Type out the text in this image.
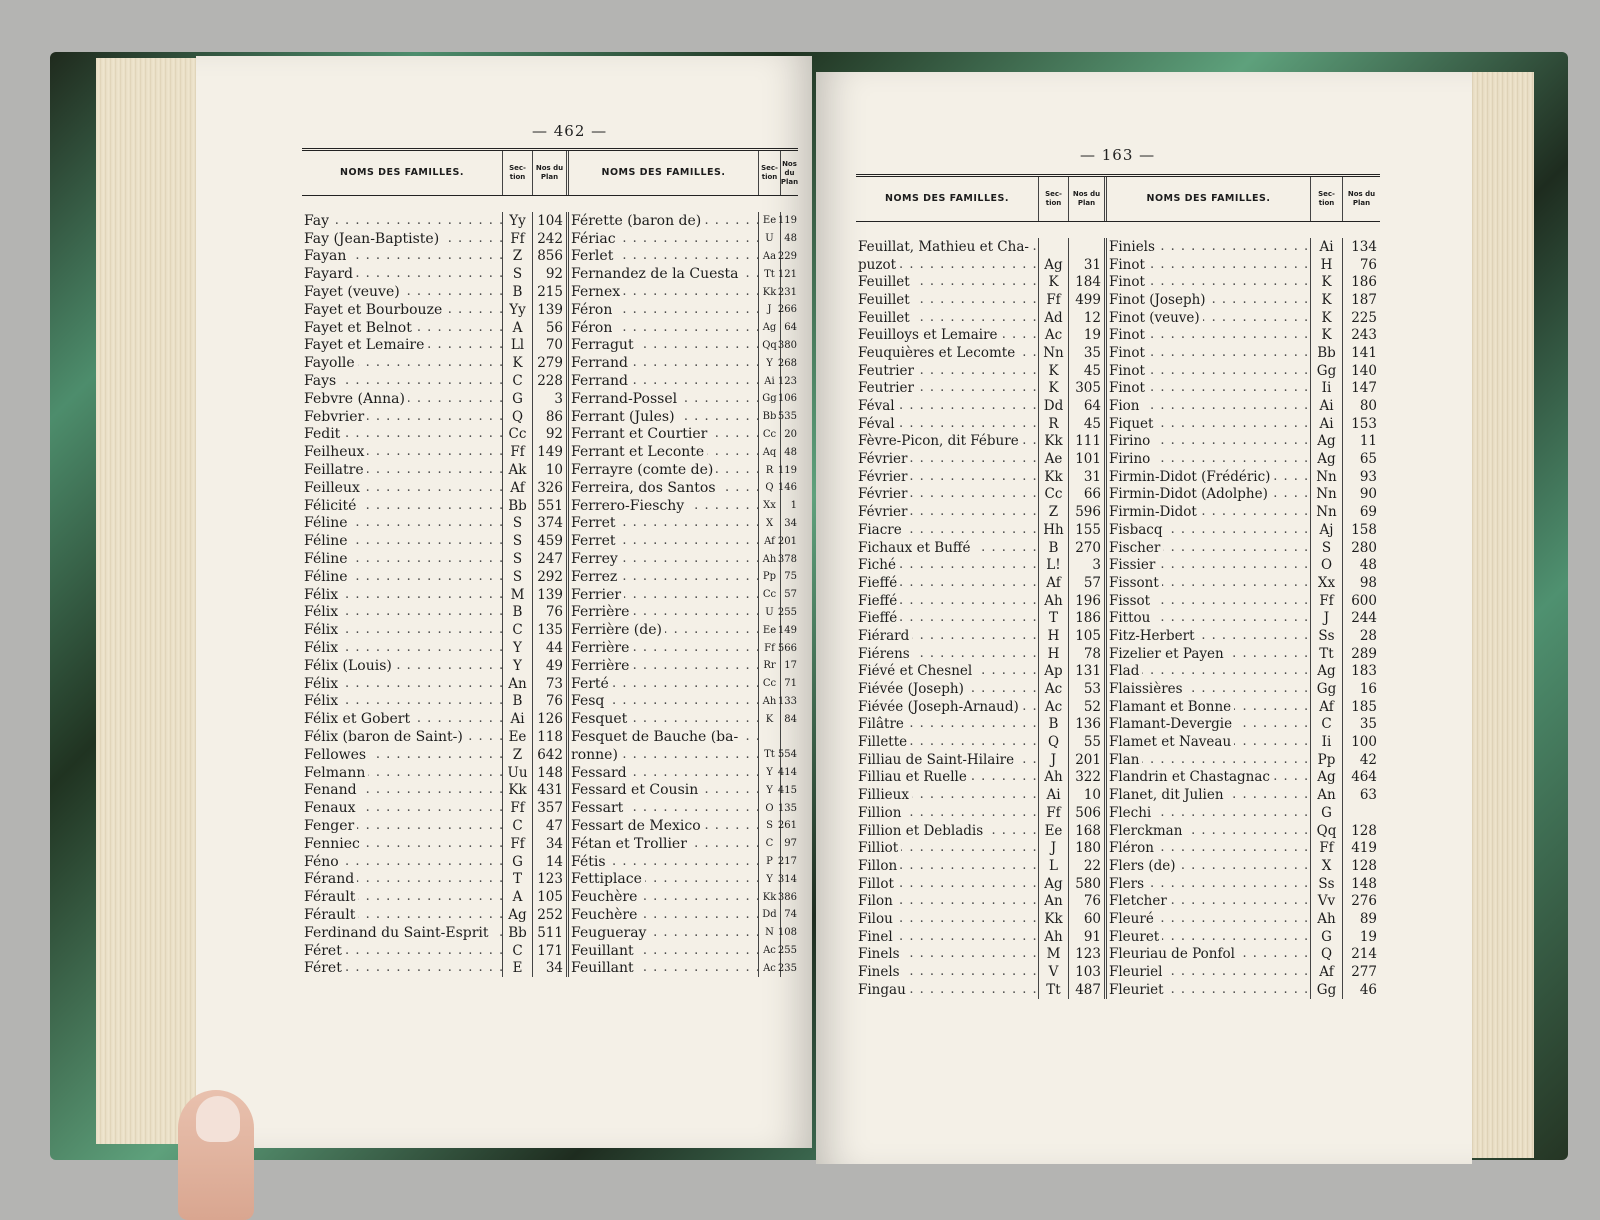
— 462 —
NOMS DES FAMILLES.	Sec-tion
Nos du Plan	NOMS DES FAMILLES.	Sec-tion
Nos du Plan
Fay . . .	Yy 104
Fay (Jean-Baptiste) . . .	Ff 242
Fayan . . .	Z	856
Fayard . . .	S	92
Fayet (veuve) . . .	B	215
Fayet et Bourbouze . . .	Yy 139
Fayet et Belnot . . .	A	56
Fayet et Lemaire . . .	Ll	70
Fayolle . . .	K	279
Fays . . .	C	228
Febvre (Anna) . . .	G	3
Febvrier . . .	Q	86
Fedit . . .	Cc	92
Feilheux . . .	Ff 149
Feillatre . . .	Ak	10
Feilleux . . .	Af 326
Félicité . . .	Bb 551
Féline . . .	S	374
Féline . . .	S	459
Féline . . .	S	247
Féline . . .	S	292
Félix . . .	M 139
Félix . . .	B	76
Félix . . .	C	135
Félix . . .	Y	44
Félix (Louis) . . .	Y	49
Félix . . .	An	73
Félix . . .	B	76
Félix et Gobert . . .	Ai 126
Félix (baron de Saint-) . . .	Ee 118
Fellowes . . .	Z	642
Felmann . . .	Uu 148
Fenand . . .	Kk 431
Fenaux . . .	Ff 357
Fenger . . .	C	47
Fenniec . . .	Ff	34
Féno . . .	G	14
Férand . . .	T	123
Férault . . .	A	105
Férault . . .	Ag 252
Ferdinand du Saint-Esprit . . .	Bb 511
Féret . . .	C	171
Féret . . .	E	34
Férette (baron de) . . .	Ee 119
Fériac . . .	U	48
Ferlet . . .	Aa 229
Fernandez de la Cuesta . . .	Tt 121
Fernex . . .	Kk 231
Féron . . .	J 266
Féron . . .	Ag 64
Ferragut . . .	Qq 380
Ferrand . . .	Y 268
Ferrand . . .	Ai 123
Ferrand-Possel . . .	Gg 106
Ferrant (Jules) . . .	Bb 535
Ferrant et Courtier . . .	Cc 20
Ferrant et Leconte . . .	Aq 48
Ferrayre (comte de) . . .	R 119
Ferreira, dos Santos . . .	Q 146
Ferrero-Fieschy . . .	Xx	1
Ferret . . .	X	34
Ferret . . .	Af 201
Ferrey . . .	Ah 378
Ferrez . . .	Pp 75
Ferrier . . .	Cc 57
Ferrière . . .	U 255
Ferrière (de) . . .	Ee 149
Ferrière . . .	Ff 566
Ferrière . . .	Rr 17
Ferté . . .	Cc 71
Fesq . . .	Ah 133
Fesquet . . .	K	84
Fesquet de Bauche (ba- . . .
ronne) . . .	Tt 554
Fessard . . .	Y 414
Fessard et Cousin . . .	Y 415
Fessart . . .	O 135
Fessart de Mexico . . .	S 261
Fétan et Trollier . . .	C	97
Fétis . . .	P 217
Fettiplace . . .	Y 314
Feuchère . . .	Kk 386
Feuchère . . .	Dd 74
Feugueray . . .	N 108
Feuillant . . .	Ac 255
Feuillant . . .	Ac 235
— 163 —
NOMS DES FAMILLES.	Sec-tion
Nos du Plan	NOMS DES FAMILLES.	Sec-tion
Nos du Plan
Feuillat, Mathieu et Cha- . . .
puzot . . .	Ag	31
Feuillet . . .	K	184
Feuillet . . .	Ff	499
Feuillet . . .	Ad	12
Feuilloys et Lemaire . . .	Ac	19
Feuquières et Lecomte . . .	Nn	35
Feutrier . . .	K	45
Feutrier . . .	K	305
Féval . . .	Dd	64
Féval . . .	R	45
Fèvre-Picon, dit Fébure . . .	Kk 111
Février . . .	Ae 101
Février . . .	Kk	31
Février . . .	Cc	66
Février . . .	Z	596
Fiacre . . .	Hh 155
Fichaux et Buffé . . .	B	270
Fiché . . .	L!	3
Fieffé . . .	Af	57
Fieffé . . .	Ah 196
Fieffé . . .	T	186
Fiérard . . .	H	105
Fiérens . . .	H	78
Fiévé et Chesnel . . .	Ap 131
Fiévée (Joseph) . . .	Ac	53
Fiévée (Joseph-Arnaud) . . .	Ac	52
Filâtre . . .	B	136
Fillette . . .	Q	55
Filliau de Saint-Hilaire . . .	J	201
Filliau et Ruelle . . .	Ah 322
Fillieux . . .	Ai	10
Fillion . . .	Ff	506
Fillion et Debladis . . .	Ee 168
Filliot . . .	J	180
Fillon . . .	L	22
Fillot . . .	Ag 580
Filon . . .	An	76
Filou . . .	Kk	60
Finel . . .	Ah	91
Finels . . .	M	123
Finels . . .	V	103
Fingau . . .	Tt	487
Finiels . . .	Ai	134
Finot . . .	H	76
Finot . . .	K	186
Finot (Joseph) . . .	K	187
Finot (veuve) . . .	K	225
Finot . . .	K	243
Finot . . .	Bb	141
Finot . . .	Gg	140
Finot . . .	Ii	147
Fion . . .	Ai	80
Fiquet . . .	Ai	153
Firino . . .	Ag	11
Firino . . .	Ag	65
Firmin-Didot (Frédéric) . . .	Nn	93
Firmin-Didot (Adolphe) . . .	Nn	90
Firmin-Didot . . .	Nn	69
Fisbacq . . .	Aj	158
Fischer . . .	S	280
Fissier . . .	O	48
Fissont . . .	Xx	98
Fissot . . .	Ff	600
Fittou . . .	J	244
Fitz-Herbert . . .	Ss	28
Fizelier et Payen . . .	Tt	289
Flad . . .	Ag	183
Flaissières . . .	Gg	16
Flamant et Bonne . . .	Af	185
Flamant-Devergie . . .	C	35
Flamet et Naveau . . .	Ii	100
Flan . . .	Pp	42
Flandrin et Chastagnac . . .	Ag	464
Flanet, dit Julien . . .	An	63
Flechi . . .	G
Flerckman . . .	Qq	128
Fléron . . .	Ff	419
Flers (de) . . .	X	128
Flers . . .	Ss	148
Fletcher . . .	Vv	276
Fleuré . . .	Ah	89
Fleuret . . .	G	19
Fleuriau de Ponfol . . .	Q	214
Fleuriel . . .	Af	277
Fleuriet . . .	Gg	46
